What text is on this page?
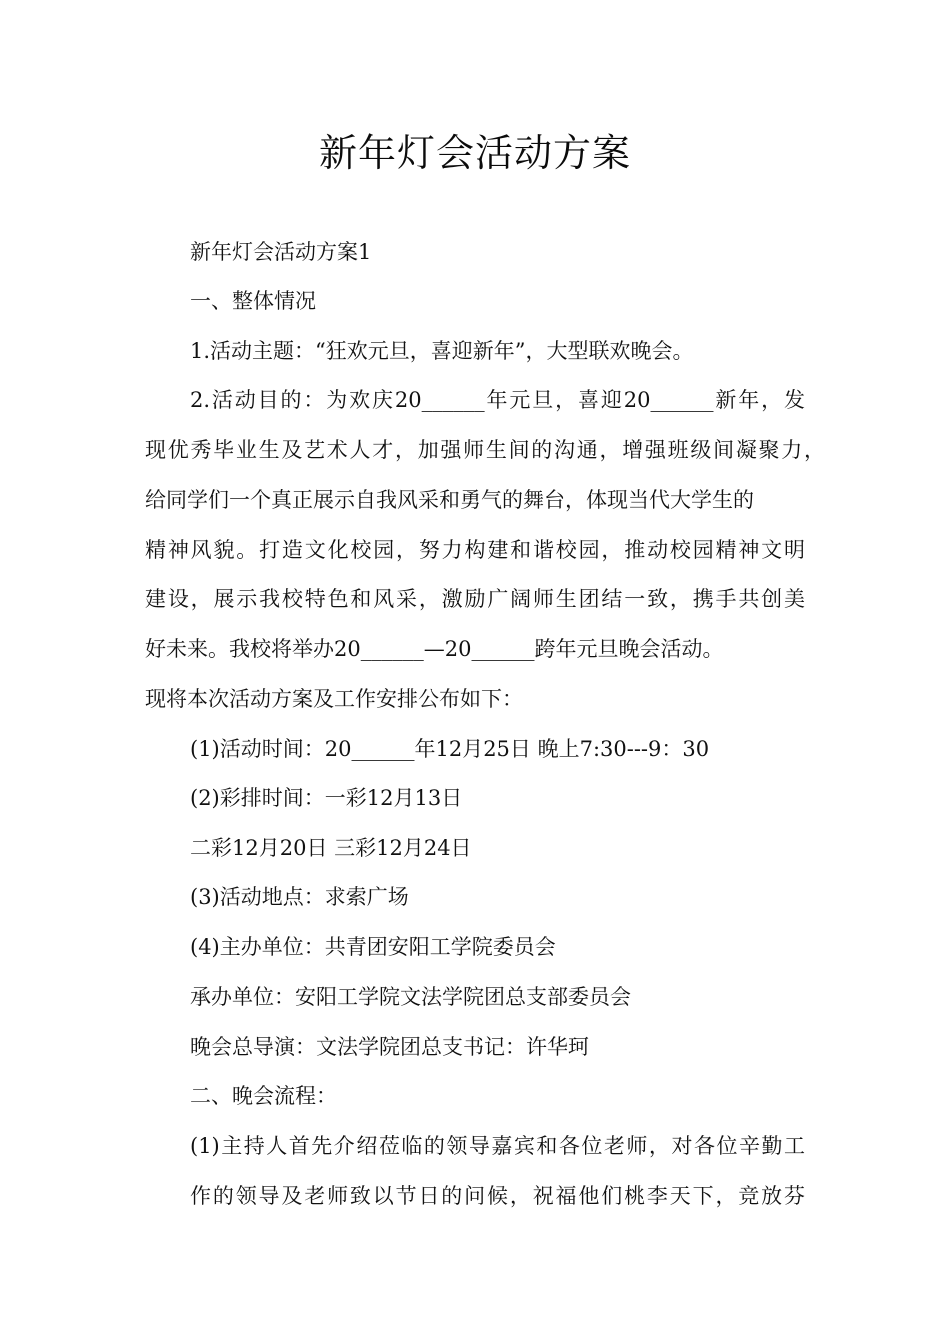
新年灯会活动方案
新年灯会活动方案1
一、整体情况
1.活动主题：“狂欢元旦，喜迎新年”，大型联欢晚会。
2.活动目的：为欢庆20______年元旦，喜迎20______新年，发
现优秀毕业生及艺术人才，加强师生间的沟通，增强班级间凝聚力，
给同学们一个真正展示自我风采和勇气的舞台，体现当代大学生的
精神风貌。打造文化校园，努力构建和谐校园，推动校园精神文明
建设，展示我校特色和风采，激励广阔师生团结一致，携手共创美
好未来。我校将举办20______—20______跨年元旦晚会活动。
现将本次活动方案及工作安排公布如下：
(1)活动时间：20______年12月25日 晚上7:30---9：30
(2)彩排时间：一彩12月13日
二彩12月20日 三彩12月24日
(3)活动地点：求索广场
(4)主办单位：共青团安阳工学院委员会
承办单位：安阳工学院文法学院团总支部委员会
晚会总导演：文法学院团总支书记：许华珂
二、晚会流程：
(1)主持人首先介绍莅临的领导嘉宾和各位老师，对各位辛勤工
作的领导及老师致以节日的问候，祝福他们桃李天下，竞放芬
